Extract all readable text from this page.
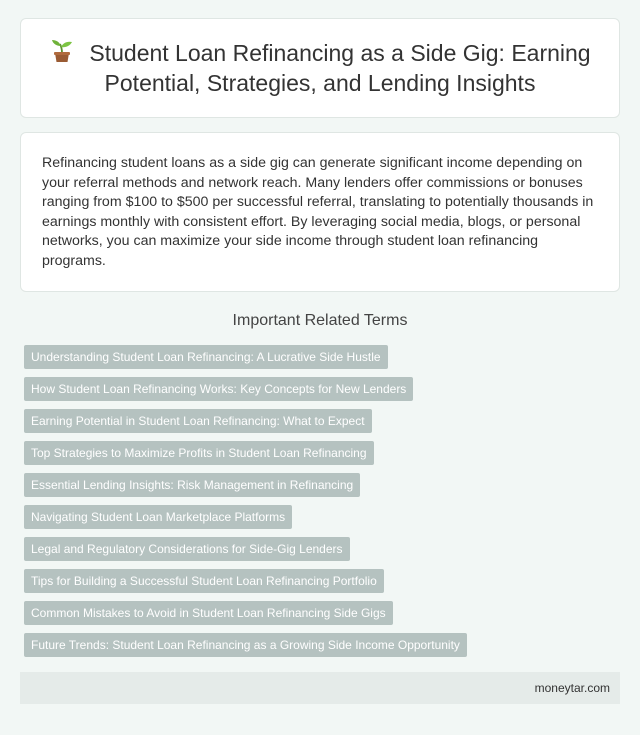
Student Loan Refinancing as a Side Gig: Earning Potential, Strategies, and Lending Insights

Refinancing student loans as a side gig can generate significant income depending on your referral methods and network reach. Many lenders offer commissions or bonuses ranging from $100 to $500 per successful referral, translating to potentially thousands in earnings monthly with consistent effort. By leveraging social media, blogs, or personal networks, you can maximize your side income through student loan refinancing programs.

Important Related Terms
Understanding Student Loan Refinancing: A Lucrative Side Hustle
How Student Loan Refinancing Works: Key Concepts for New Lenders
Earning Potential in Student Loan Refinancing: What to Expect
Top Strategies to Maximize Profits in Student Loan Refinancing
Essential Lending Insights: Risk Management in Refinancing
Navigating Student Loan Marketplace Platforms
Legal and Regulatory Considerations for Side-Gig Lenders
Tips for Building a Successful Student Loan Refinancing Portfolio
Common Mistakes to Avoid in Student Loan Refinancing Side Gigs
Future Trends: Student Loan Refinancing as a Growing Side Income Opportunity
moneytar.com
